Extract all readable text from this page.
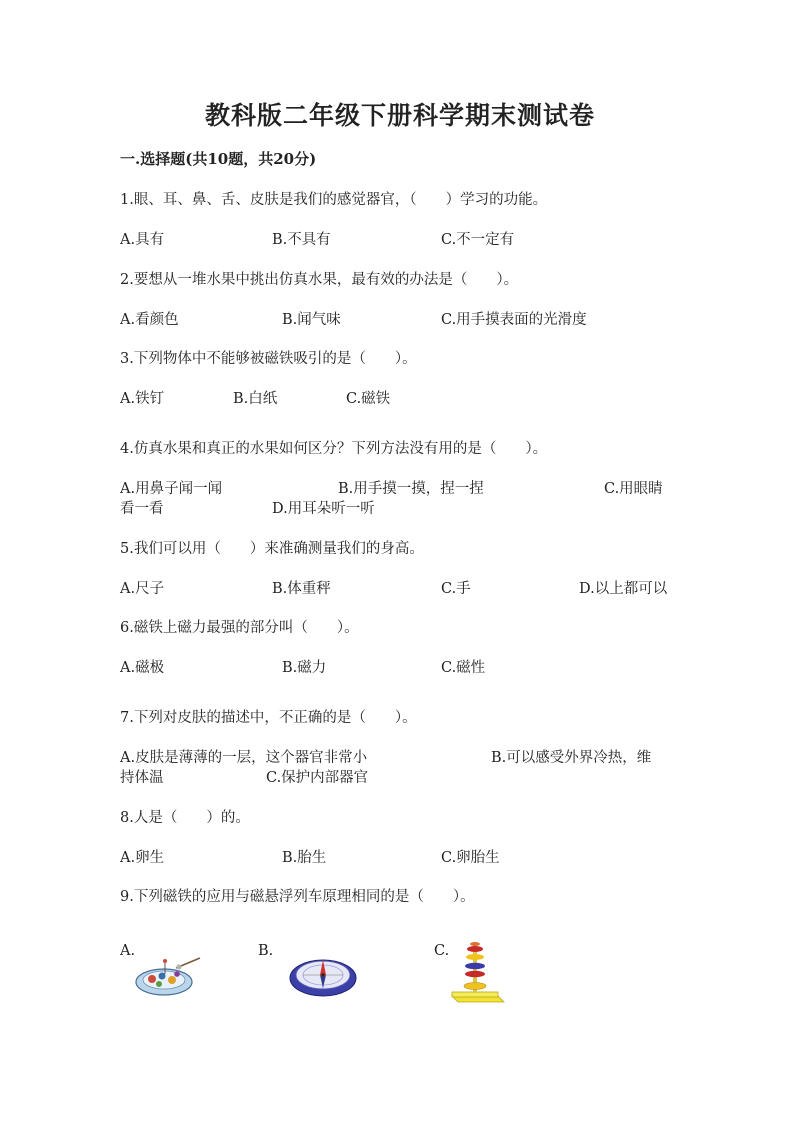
教科版二年级下册科学期末测试卷
一.选择题(共10题，共20分)
1.眼、耳、鼻、舌、皮肤是我们的感觉器官，（　　）学习的功能。
A.具有	B.不具有	C.不一定有
2.要想从一堆水果中挑出仿真水果，最有效的办法是（　　）。
A.看颜色	B.闻气味	C.用手摸表面的光滑度
3.下列物体中不能够被磁铁吸引的是（　　）。
A.铁钉	B.白纸	C.磁铁
4.仿真水果和真正的水果如何区分？下列方法没有用的是（　　）。
A.用鼻子闻一闻	B.用手摸一摸，捏一捏	C.用眼睛
看一看	D.用耳朵听一听
5.我们可以用（　　）来准确测量我们的身高。
A.尺子	B.体重秤	C.手	D.以上都可以
6.磁铁上磁力最强的部分叫（　　）。
A.磁极	B.磁力	C.磁性
7.下列对皮肤的描述中，不正确的是（　　）。
A.皮肤是薄薄的一层，这个器官非常小	B.可以感受外界冷热，维
持体温	C.保护内部器官
8.人是（　　）的。
A.卵生	B.胎生	C.卵胎生
9.下列磁铁的应用与磁悬浮列车原理相同的是（　　）。
A.	B.	C.
